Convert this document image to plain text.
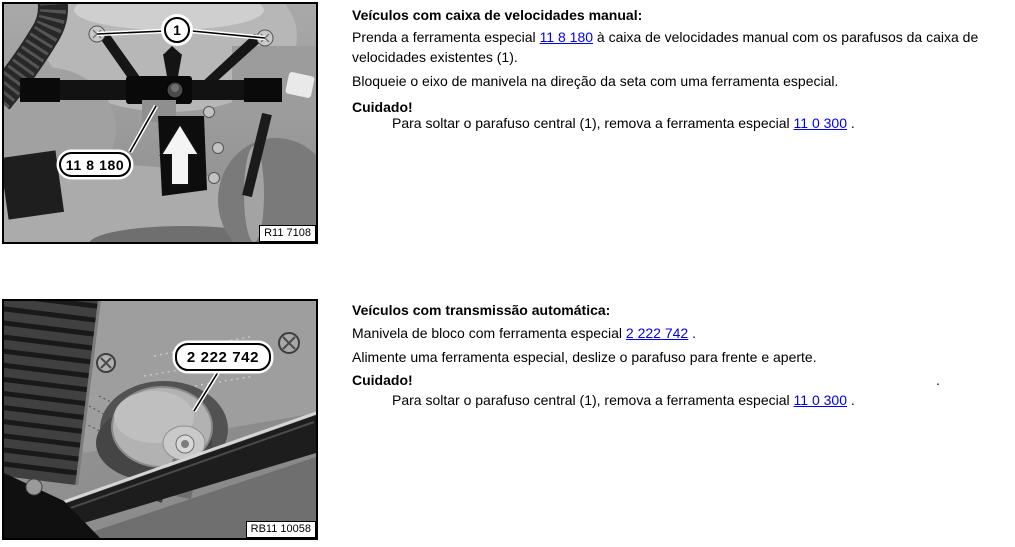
1
11 8 180
R11 7108
2 222 742
RB11 10058
Veículos com caixa de velocidades manual:

Prenda a ferramenta especial 11 8 180 à caixa de velocidades manual com os parafusos da caixa de velocidades existentes (1).

Bloqueie o eixo de manivela na direção da seta com uma ferramenta especial.

Cuidado!

Para soltar o parafuso central (1), remova a ferramenta especial 11 0 300 .

Veículos com transmissão automática:

Manivela de bloco com ferramenta especial 2 222 742 .

Alimente uma ferramenta especial, deslize o parafuso para frente e aperte.

Cuidado!	.

Para soltar o parafuso central (1), remova a ferramenta especial 11 0 300 .
